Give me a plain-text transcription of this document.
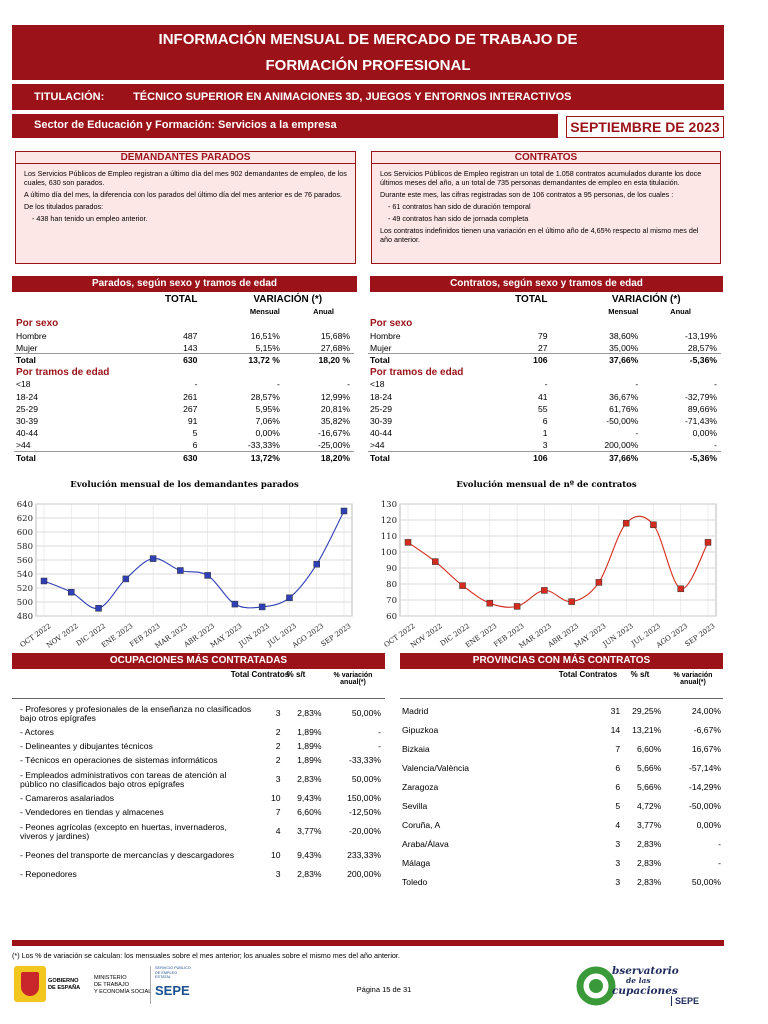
INFORMACIÓN MENSUAL DE MERCADO DE TRABAJO DE
FORMACIÓN PROFESIONAL
TITULACIÓN:	TÉCNICO SUPERIOR EN ANIMACIONES 3D, JUEGOS Y ENTORNOS INTERACTIVOS
Sector de Educación y Formación: Servicios a la empresa	SEPTIEMBRE DE 2023
DEMANDANTES PARADOS

Los Servicios Públicos de Empleo registran a último día del mes 902 demandantes de empleo, de los cuales, 630 son parados.

A último día del mes, la diferencia con los parados del último día del mes anterior es de 76 parados.

De los titulados parados:

- 438 han tenido un empleo anterior.

CONTRATOS

Los Servicios Públicos de Empleo registran un total de 1.058 contratos acumulados durante los doce últimos meses del año, a un total de 735 personas demandantes de empleo en esta titulación.

Durante este mes, las cifras registradas son de 106 contratos a 95 personas, de los cuales :

- 61 contratos han sido de duración temporal

- 49 contratos han sido de jornada completa

Los contratos indefinidos tienen una variación en el último año de 4,65% respecto al mismo mes del año anterior.

Parados, según sexo y tramos de edad
	TOTAL	VARIACIÓN (*)	
		Mensual	Anual
Por sexo			
Hombre	487	16,51%	15,68%
Mujer	143	5,15%	27,68%
Total	630	13,72 %	18,20 %
Por tramos de edad			
<18	-	-	-
18-24	261	28,57%	12,99%
25-29	267	5,95%	20,81%
30-39	91	7,06%	35,82%
40-44	5	0,00%	-16,67%
>44	6	-33,33%	-25,00%
Total	630	13,72%	18,20%
Contratos, según sexo y tramos de edad
	TOTAL	VARIACIÓN (*)	
		Mensual	Anual
Por sexo			
Hombre	79	38,60%	-13,19%
Mujer	27	35,00%	28,57%
Total	106	37,66%	-5,36%
Por tramos de edad			
<18	-	-	-
18-24	41	36,67%	-32,79%
25-29	55	61,76%	89,66%
30-39	6	-50,00%	-71,43%
40-44	1	-	0,00%
>44	3	200,00%	-
Total	106	37,66%	-5,36%
Evolución mensual de los demandantes parados
480
500
520
540
560
580
600
620
640
OCT 2022
NOV 2022
DIC 2022
ENE 2023
FEB 2023
MAR 2023
ABR 2023
MAY 2023
JUN 2023
JUL 2023
AGO 2023
SEP 2023
Evolución mensual de nº de contratos
60
70
80
90
100
110
120
130
OCT 2022
NOV 2022
DIC 2022
ENE 2023
FEB 2023
MAR 2023
ABR 2023
MAY 2023
JUN 2023
JUL 2023
AGO 2023
SEP 2023
OCUPACIONES MÁS CONTRATADAS
Total Contratos
% s/t	% variación anual(*)
- Profesores y profesionales de la enseñanza no clasificados bajo otros epígrafes	3	2,83%	50,00%
- Actores	2	1,89%	-
- Delineantes y dibujantes técnicos	2	1,89%	-
- Técnicos en operaciones de sistemas informáticos	2	1,89%	-33,33%
- Empleados administrativos con tareas de atención al público no clasificados bajo otros epígrafes	3	2,83%	50,00%
- Camareros asalariados	10	9,43%	150,00%
- Vendedores en tiendas y almacenes	7	6,60%	-12,50%
- Peones agrícolas (excepto en huertas, invernaderos, viveros y jardines)	4	3,77%	-20,00%
- Peones del transporte de mercancías y descargadores	10	9,43%	233,33%
- Reponedores	3	2,83%	200,00%
PROVINCIAS CON MÁS CONTRATOS
Total Contratos	% s/t	% variación anual(*)
Madrid	31	29,25%	24,00%
Gipuzkoa	14	13,21%	-6,67%
Bizkaia	7	6,60%	16,67%
Valencia/València	6	5,66%	-57,14%
Zaragoza	6	5,66%	-14,29%
Sevilla	5	4,72%	-50,00%
Coruña, A	4	3,77%	0,00%
Araba/Álava	3	2,83%	-
Málaga	3	2,83%	-
Toledo	3	2,83%	50,00%
(*) Los % de variación se calculan: los mensuales sobre el mes anterior; los anuales sobre el mismo mes del año anterior.
GOBIERNO
DE ESPAÑA
MINISTERIO
DE TRABAJO
Y ECONOMÍA SOCIAL
SERVICIO PÚBLICO DE EMPLEO ESTATAL
SEPE	Página 15 de 31
bservatorio
de las
cupaciones
SEPE
